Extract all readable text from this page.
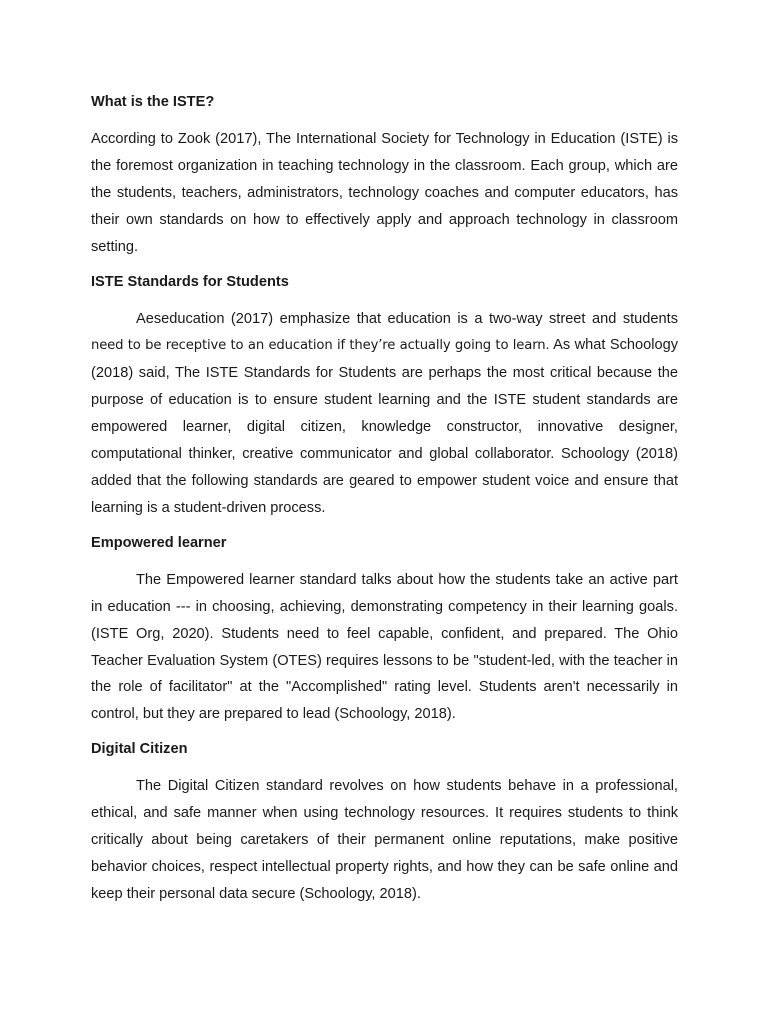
What is the ISTE?

According to Zook (2017), The International Society for Technology in Education (ISTE) is the foremost organization in teaching technology in the classroom. Each group, which are the students, teachers, administrators, technology coaches and computer educators, has their own standards on how to effectively apply and approach technology in classroom setting.

ISTE Standards for Students

Aeseducation (2017) emphasize that education is a two-way street and students need to be receptive to an education if they’re actually going to learn. As what Schoology (2018) said, The ISTE Standards for Students are perhaps the most critical because the purpose of education is to ensure student learning and the ISTE student standards are empowered learner, digital citizen, knowledge constructor, innovative designer, computational thinker, creative communicator and global collaborator. Schoology (2018) added that the following standards are geared to empower student voice and ensure that learning is a student-driven process.

Empowered learner

The Empowered learner standard talks about how the students take an active part in education --- in choosing, achieving, demonstrating competency in their learning goals. (ISTE Org, 2020). Students need to feel capable, confident, and prepared. The Ohio Teacher Evaluation System (OTES) requires lessons to be "student-led, with the teacher in the role of facilitator" at the "Accomplished" rating level. Students aren't necessarily in control, but they are prepared to lead (Schoology, 2018).

Digital Citizen

The Digital Citizen standard revolves on how students behave in a professional, ethical, and safe manner when using technology resources. It requires students to think critically about being caretakers of their permanent online reputations, make positive behavior choices, respect intellectual property rights, and how they can be safe online and keep their personal data secure (Schoology, 2018).
